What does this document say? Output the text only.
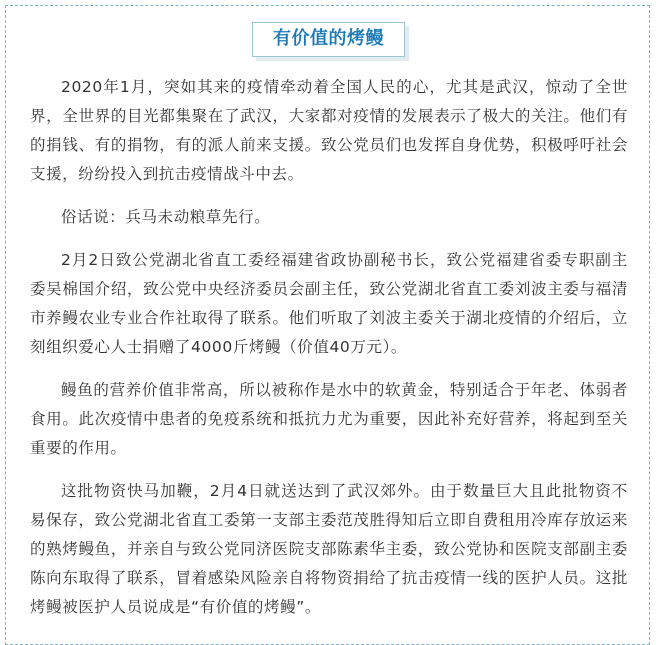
有价值的烤鳗

2020年1月，突如其来的疫情牵动着全国人民的心，尤其是武汉，惊动了全世界，全世界的目光都集聚在了武汉，大家都对疫情的发展表示了极大的关注。他们有的捐钱、有的捐物，有的派人前来支援。致公党员们也发挥自身优势，积极呼吁社会支援，纷纷投入到抗击疫情战斗中去。

俗话说：兵马未动粮草先行。

2月2日致公党湖北省直工委经福建省政协副秘书长，致公党福建省委专职副主委吴棉国介绍，致公党中央经济委员会副主任，致公党湖北省直工委刘波主委与福清市养鳗农业专业合作社取得了联系。他们听取了刘波主委关于湖北疫情的介绍后，立刻组织爱心人士捐赠了4000斤烤鳗（价值40万元）。

鳗鱼的营养价值非常高，所以被称作是水中的软黄金，特别适合于年老、体弱者食用。此次疫情中患者的免疫系统和抵抗力尤为重要，因此补充好营养，将起到至关重要的作用。

这批物资快马加鞭，2月4日就送达到了武汉郊外。由于数量巨大且此批物资不易保存，致公党湖北省直工委第一支部主委范茂胜得知后立即自费租用冷库存放运来的熟烤鳗鱼，并亲自与致公党同济医院支部陈素华主委，致公党协和医院支部副主委陈向东取得了联系，冒着感染风险亲自将物资捐给了抗击疫情一线的医护人员。这批烤鳗被医护人员说成是“有价值的烤鳗”。
